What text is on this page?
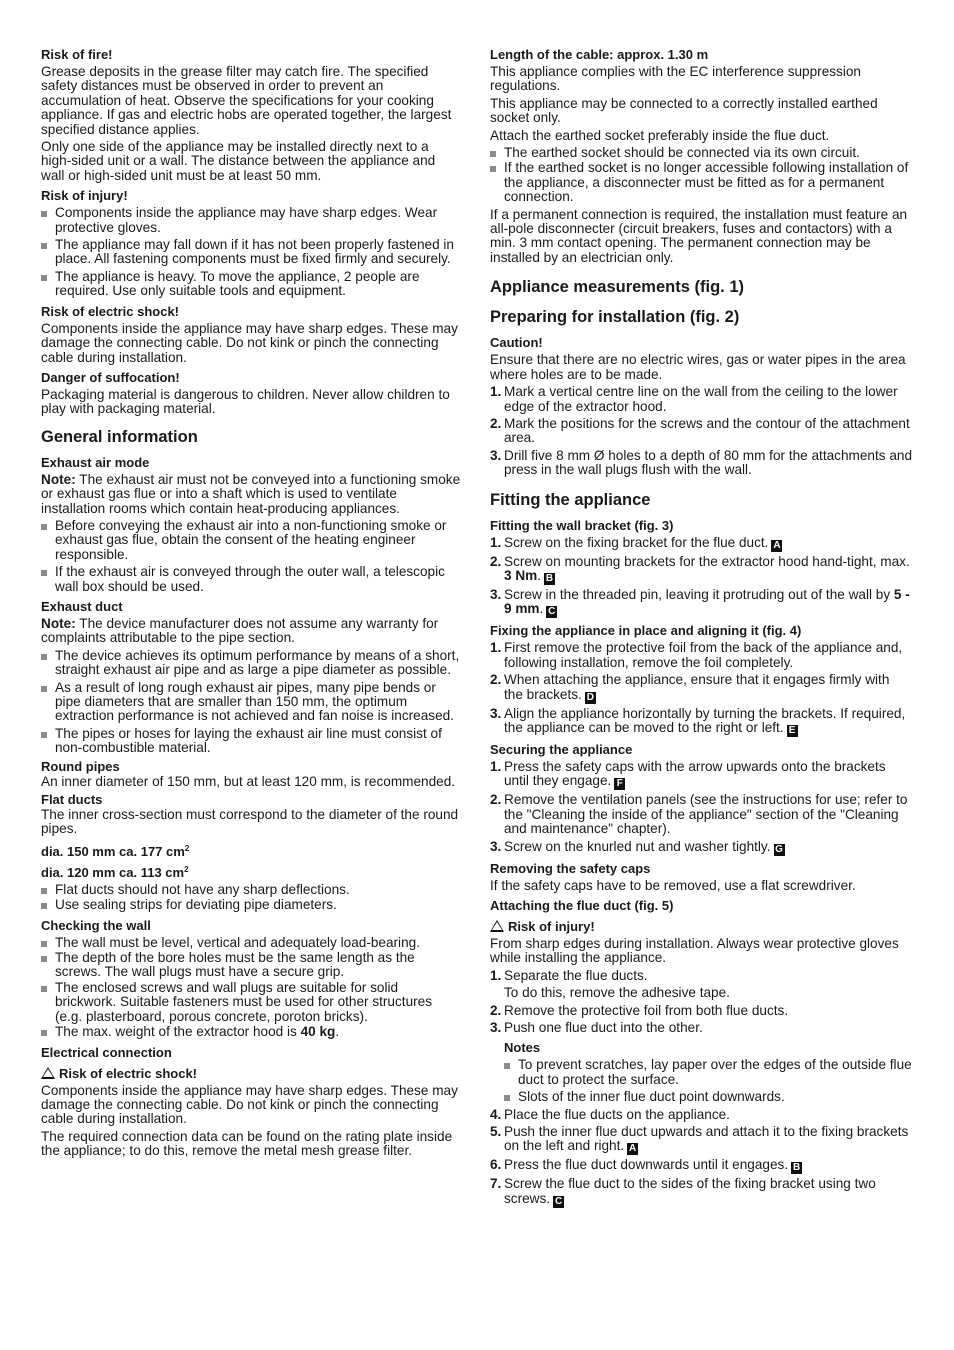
Risk of fire!

Grease deposits in the grease filter may catch fire. The specified safety distances must be observed in order to prevent an accumulation of heat. Observe the specifications for your cooking appliance. If gas and electric hobs are operated together, the largest specified distance applies.

Only one side of the appliance may be installed directly next to a high-sided unit or a wall. The distance between the appliance and wall or high-sided unit must be at least 50 mm.

Risk of injury!
Components inside the appliance may have sharp edges. Wear protective gloves.
The appliance may fall down if it has not been properly fastened in place. All fastening components must be fixed firmly and securely.
The appliance is heavy. To move the appliance, 2 people are required. Use only suitable tools and equipment.
Risk of electric shock!

Components inside the appliance may have sharp edges. These may damage the connecting cable. Do not kink or pinch the connecting cable during installation.

Danger of suffocation!

Packaging material is dangerous to children. Never allow children to play with packaging material.

General information
Exhaust air mode

Note: The exhaust air must not be conveyed into a functioning smoke or exhaust gas flue or into a shaft which is used to ventilate installation rooms which contain heat-producing appliances.

Before conveying the exhaust air into a non-functioning smoke or exhaust gas flue, obtain the consent of the heating engineer responsible.
If the exhaust air is conveyed through the outer wall, a telescopic wall box should be used.
Exhaust duct

Note: The device manufacturer does not assume any warranty for complaints attributable to the pipe section.

The device achieves its optimum performance by means of a short, straight exhaust air pipe and as large a pipe diameter as possible.
As a result of long rough exhaust air pipes, many pipe bends or pipe diameters that are smaller than 150 mm, the optimum extraction performance is not achieved and fan noise is increased.
The pipes or hoses for laying the exhaust air line must consist of non-combustible material.
Round pipes

An inner diameter of 150 mm, but at least 120 mm, is recommended.

Flat ducts

The inner cross-section must correspond to the diameter of the round pipes.

dia. 150 mm ca. 177 $cm^2$
dia. 120 mm ca. 113 $cm^2$
Flat ducts should not have any sharp deflections.
Use sealing strips for deviating pipe diameters.
Checking the wall
The wall must be level, vertical and adequately load-bearing.
The depth of the bore holes must be the same length as the screws. The wall plugs must have a secure grip.
The enclosed screws and wall plugs are suitable for solid brickwork. Suitable fasteners must be used for other structures (e.g. plasterboard, porous concrete, poroton bricks).
The max. weight of the extractor hood is 40 kg.
Electrical connection
Risk of electric shock!

Components inside the appliance may have sharp edges. These may damage the connecting cable. Do not kink or pinch the connecting cable during installation.

The required connection data can be found on the rating plate inside the appliance; to do this, remove the metal mesh grease filter.

Length of the cable: approx. 1.30 m

This appliance complies with the EC interference suppression regulations.

This appliance may be connected to a correctly installed earthed socket only.

Attach the earthed socket preferably inside the flue duct.

The earthed socket should be connected via its own circuit.
If the earthed socket is no longer accessible following installation of the appliance, a disconnecter must be fitted as for a permanent connection.

If a permanent connection is required, the installation must feature an all-pole disconnecter (circuit breakers, fuses and contactors) with a min. 3 mm contact opening. The permanent connection may be installed by an electrician only.

Appliance measurements (fig. 1)
Preparing for installation (fig. 2)
Caution!

Ensure that there are no electric wires, gas or water pipes in the area where holes are to be made.

1. Mark a vertical centre line on the wall from the ceiling to the lower edge of the extractor hood.
2. Mark the positions for the screws and the contour of the attachment area.
3. Drill five 8 mm Ø holes to a depth of 80 mm for the attachments and press in the wall plugs flush with the wall.
Fitting the appliance
Fitting the wall bracket (fig. 3)
1. Screw on the fixing bracket for the flue duct. A
2. Screw on mounting brackets for the extractor hood hand-tight, max. 3 Nm. B
3. Screw in the threaded pin, leaving it protruding out of the wall by 5 - 9 mm. C
Fixing the appliance in place and aligning it (fig. 4)
1. First remove the protective foil from the back of the appliance and, following installation, remove the foil completely.
2. When attaching the appliance, ensure that it engages firmly with the brackets. D
3. Align the appliance horizontally by turning the brackets. If required, the appliance can be moved to the right or left. E
Securing the appliance
1. Press the safety caps with the arrow upwards onto the brackets until they engage. F
2. Remove the ventilation panels (see the instructions for use; refer to the "Cleaning the inside of the appliance" section of the "Cleaning and maintenance" chapter).
3. Screw on the knurled nut and washer tightly. G
Removing the safety caps

If the safety caps have to be removed, use a flat screwdriver.

Attaching the flue duct (fig. 5)
Risk of injury!

From sharp edges during installation. Always wear protective gloves while installing the appliance.

1. Separate the flue ducts.

To do this, remove the adhesive tape.

2. Remove the protective foil from both flue ducts.
3. Push one flue duct into the other.
Notes
To prevent scratches, lay paper over the edges of the outside flue duct to protect the surface.
Slots of the inner flue duct point downwards.
4. Place the flue ducts on the appliance.
5. Push the inner flue duct upwards and attach it to the fixing brackets on the left and right. A
6. Press the flue duct downwards until it engages. B
7. Screw the flue duct to the sides of the fixing bracket using two screws. C
